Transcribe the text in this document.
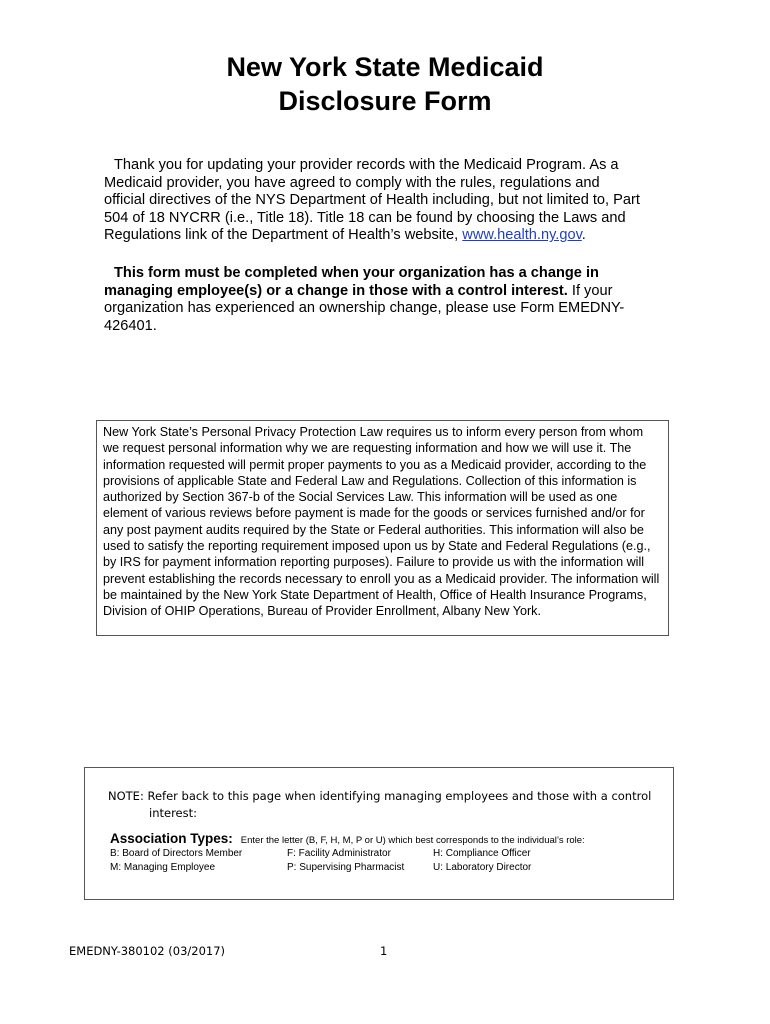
New York State Medicaid
Disclosure Form
Thank you for updating your provider records with the Medicaid Program. As a Medicaid provider, you have agreed to comply with the rules, regulations and official directives of the NYS Department of Health including, but not limited to, Part 504 of 18 NYCRR (i.e., Title 18). Title 18 can be found by choosing the Laws and Regulations link of the Department of Health’s website, www.health.ny.gov.
This form must be completed when your organization has a change in managing employee(s) or a change in those with a control interest. If your organization has experienced an ownership change, please use Form EMEDNY-426401.
New York State’s Personal Privacy Protection Law requires us to inform every person from whom we request personal information why we are requesting information and how we will use it. The information requested will permit proper payments to you as a Medicaid provider, according to the provisions of applicable State and Federal Law and Regulations. Collection of this information is authorized by Section 367-b of the Social Services Law. This information will be used as one element of various reviews before payment is made for the goods or services furnished and/or for any post payment audits required by the State or Federal authorities. This information will also be used to satisfy the reporting requirement imposed upon us by State and Federal Regulations (e.g., by IRS for payment information reporting purposes). Failure to provide us with the information will prevent establishing the records necessary to enroll you as a Medicaid provider. The information will be maintained by the New York State Department of Health, Office of Health Insurance Programs, Division of OHIP Operations, Bureau of Provider Enrollment, Albany New York.
NOTE: Refer back to this page when identifying managing employees and those with a control
interest:
Association Types: Enter the letter (B, F, H, M, P or U) which best corresponds to the individual’s role:
B: Board of Directors Member	F: Facility Administrator	H: Compliance Officer
M: Managing Employee	P: Supervising Pharmacist	U: Laboratory Director
EMEDNY-380102 (03/2017)	1
